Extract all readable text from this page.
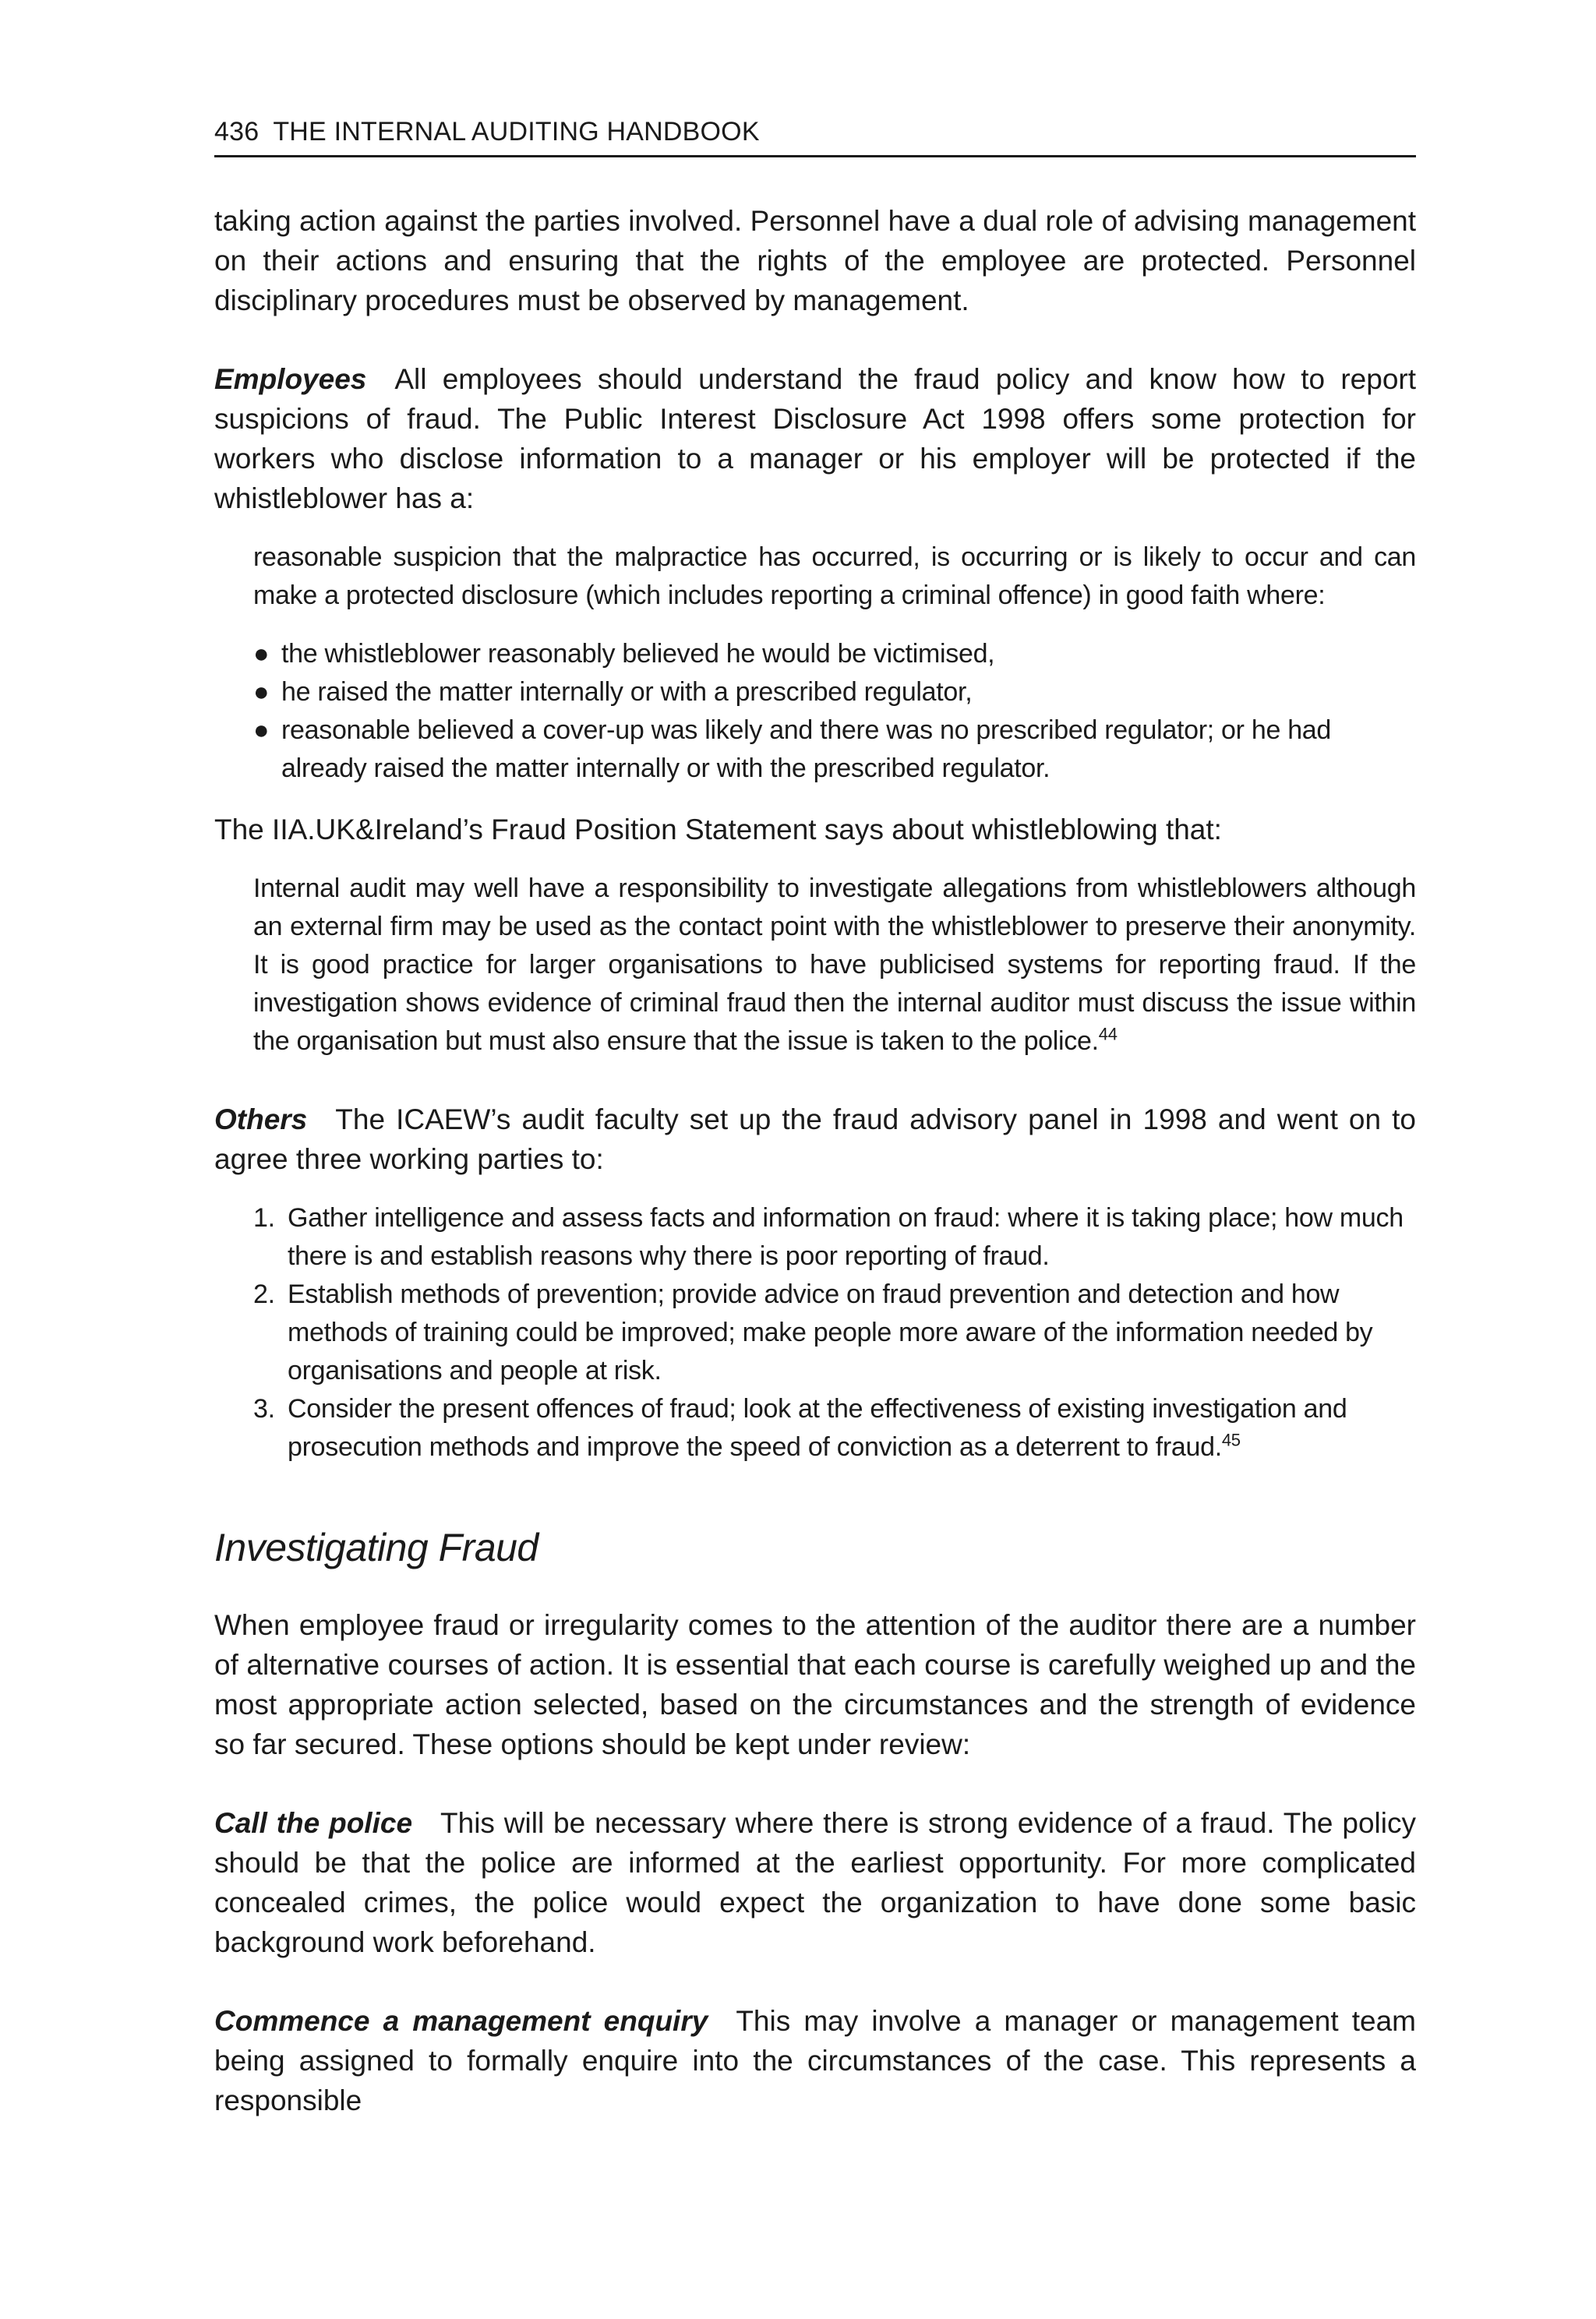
436 THE INTERNAL AUDITING HANDBOOK

taking action against the parties involved. Personnel have a dual role of advising management on their actions and ensuring that the rights of the employee are protected. Personnel disciplinary procedures must be observed by management.

Employees All employees should understand the fraud policy and know how to report suspicions of fraud. The Public Interest Disclosure Act 1998 offers some protection for workers who disclose information to a manager or his employer will be protected if the whistleblower has a:

reasonable suspicion that the malpractice has occurred, is occurring or is likely to occur and can make a protected disclosure (which includes reporting a criminal offence) in good faith where:

● the whistleblower reasonably believed he would be victimised,
● he raised the matter internally or with a prescribed regulator,
● reasonable believed a cover-up was likely and there was no prescribed regulator; or he had already raised the matter internally or with the prescribed regulator.

The IIA.UK&Ireland’s Fraud Position Statement says about whistleblowing that:

Internal audit may well have a responsibility to investigate allegations from whistleblowers although an external firm may be used as the contact point with the whistleblower to preserve their anonymity. It is good practice for larger organisations to have publicised systems for reporting fraud. If the investigation shows evidence of criminal fraud then the internal auditor must discuss the issue within the organisation but must also ensure that the issue is taken to the police.$^{44}$

Others The ICAEW’s audit faculty set up the fraud advisory panel in 1998 and went on to agree three working parties to:

1. Gather intelligence and assess facts and information on fraud: where it is taking place; how much there is and establish reasons why there is poor reporting of fraud.
2. Establish methods of prevention; provide advice on fraud prevention and detection and how methods of training could be improved; make people more aware of the information needed by organisations and people at risk.
3. Consider the present offences of fraud; look at the effectiveness of existing investigation and prosecution methods and improve the speed of conviction as a deterrent to fraud.$^{45}$
Investigating Fraud

When employee fraud or irregularity comes to the attention of the auditor there are a number of alternative courses of action. It is essential that each course is carefully weighed up and the most appropriate action selected, based on the circumstances and the strength of evidence so far secured. These options should be kept under review:

Call the police This will be necessary where there is strong evidence of a fraud. The policy should be that the police are informed at the earliest opportunity. For more complicated concealed crimes, the police would expect the organization to have done some basic background work beforehand.

Commence a management enquiry This may involve a manager or management team being assigned to formally enquire into the circumstances of the case. This represents a responsible
